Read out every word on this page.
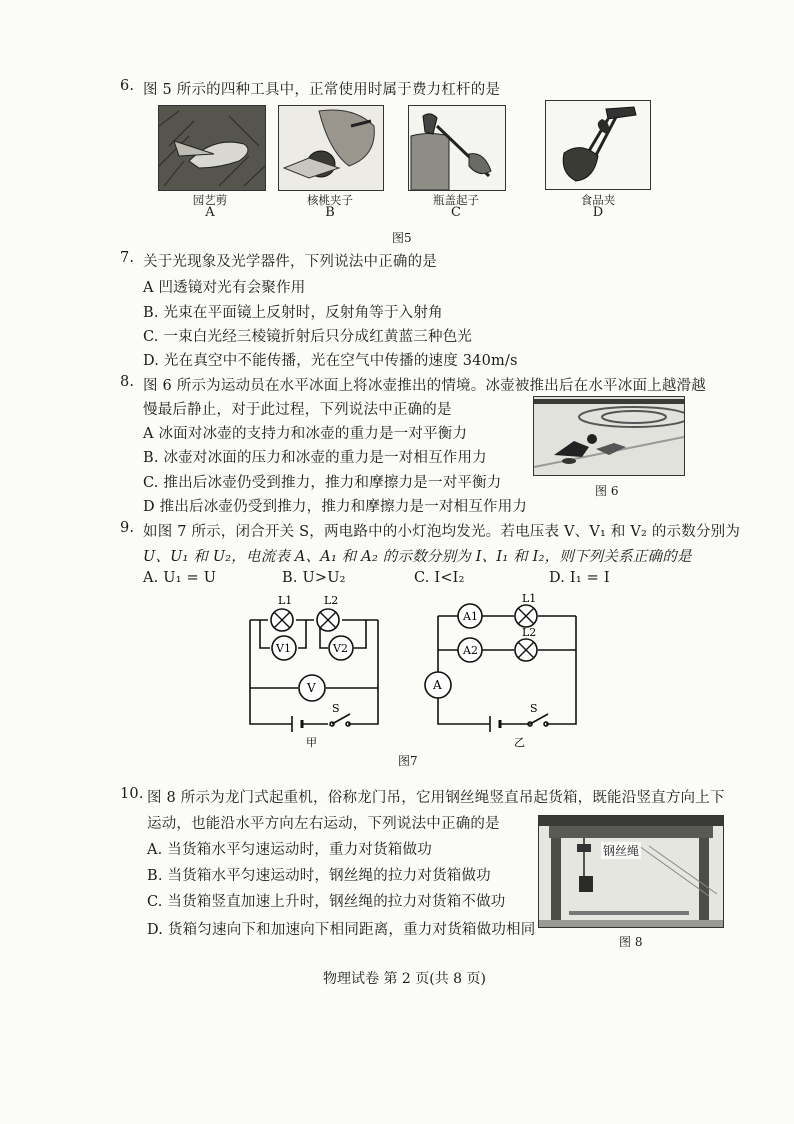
6. 图 5 所示的四种工具中，正常使用时属于费力杠杆的是
园艺剪
A
核桃夹子
B
瓶盖起子
C
食品夹
D
图5
7. 关于光现象及光学器件，下列说法中正确的是
A 凹透镜对光有会聚作用
B. 光束在平面镜上反射时，反射角等于入射角
C. 一束白光经三棱镜折射后只分成红黄蓝三种色光
D. 光在真空中不能传播，光在空气中传播的速度 340m/s
8. 图 6 所示为运动员在水平冰面上将冰壶推出的情境。冰壶被推出后在水平冰面上越滑越
慢最后静止，对于此过程，下列说法中正确的是
A 冰面对冰壶的支持力和冰壶的重力是一对平衡力
B. 冰壶对冰面的压力和冰壶的重力是一对相互作用力
C. 推出后冰壶仍受到推力，推力和摩擦力是一对平衡力
D 推出后冰壶仍受到推力，推力和摩擦力是一对相互作用力
图 6
9. 如图 7 所示，闭合开关 S，两电路中的小灯泡均发光。若电压表 V、V₁ 和 V₂ 的示数分别为
U、U₁ 和 U₂，电流表 A、A₁ 和 A₂ 的示数分别为 I、I₁ 和 I₂，则下列关系正确的是
A. U₁ = U	B. U>U₂	C. I<I₂	D. I₁ = I
L1	L2
V1	V2
V
S
甲
A1
A2
A
L1
L2
S
乙
图7
10. 图 8 所示为龙门式起重机，俗称龙门吊，它用钢丝绳竖直吊起货箱，既能沿竖直方向上下
运动，也能沿水平方向左右运动，下列说法中正确的是
A. 当货箱水平匀速运动时，重力对货箱做功
B. 当货箱水平匀速运动时，钢丝绳的拉力对货箱做功
C. 当货箱竖直加速上升时，钢丝绳的拉力对货箱不做功
D. 货箱匀速向下和加速向下相同距离，重力对货箱做功相同
钢丝绳
图 8
物理试卷 第 2 页(共 8 页)
